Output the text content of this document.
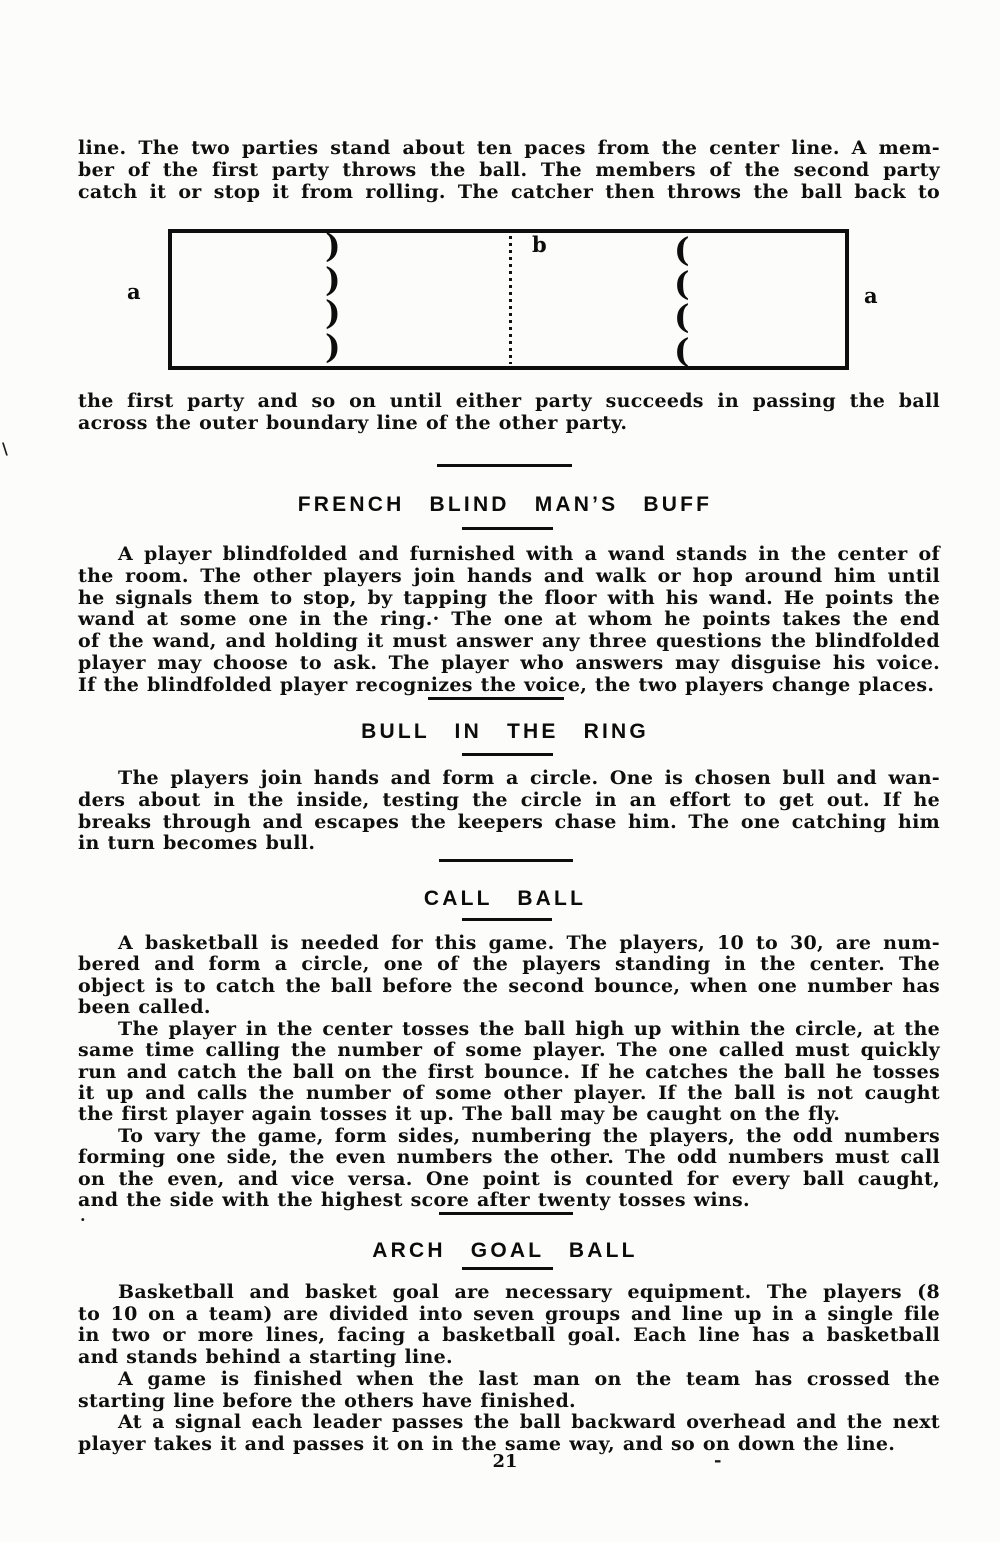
line. The two parties stand about ten paces from the center line. A mem-
ber of the first party throws the ball. The members of the second party
catch it or stop it from rolling. The catcher then throws the ball back to
a	a
b
)
)
)
)
(
(
(
(
the first party and so on until either party succeeds in passing the ball
across the outer boundary line of the other party.
\
FRENCH BLIND MAN’S BUFF
A player blindfolded and furnished with a wand stands in the center of
the room. The other players join hands and walk or hop around him until
he signals them to stop, by tapping the floor with his wand. He points the
wand at some one in the ring.· The one at whom he points takes the end
of the wand, and holding it must answer any three questions the blindfolded
player may choose to ask. The player who answers may disguise his voice.
If the blindfolded player recognizes the voice, the two players change places.
BULL IN THE RING
The players join hands and form a circle. One is chosen bull and wan-
ders about in the inside, testing the circle in an effort to get out. If he
breaks through and escapes the keepers chase him. The one catching him
in turn becomes bull.
CALL BALL
A basketball is needed for this game. The players, 10 to 30, are num-
bered and form a circle, one of the players standing in the center. The
object is to catch the ball before the second bounce, when one number has
been called.
The player in the center tosses the ball high up within the circle, at the
same time calling the number of some player. The one called must quickly
run and catch the ball on the first bounce. If he catches the ball he tosses
it up and calls the number of some other player. If the ball is not caught
the first player again tosses it up. The ball may be caught on the fly.
To vary the game, form sides, numbering the players, the odd numbers
forming one side, the even numbers the other. The odd numbers must call
on the even, and vice versa. One point is counted for every ball caught,
and the side with the highest score after twenty tosses wins.
.
ARCH GOAL BALL
Basketball and basket goal are necessary equipment. The players (8
to 10 on a team) are divided into seven groups and line up in a single file
in two or more lines, facing a basketball goal. Each line has a basketball
and stands behind a starting line.
A game is finished when the last man on the team has crossed the
starting line before the others have finished.
At a signal each leader passes the ball backward overhead and the next
player takes it and passes it on in the same way, and so on down the line.
21	-
